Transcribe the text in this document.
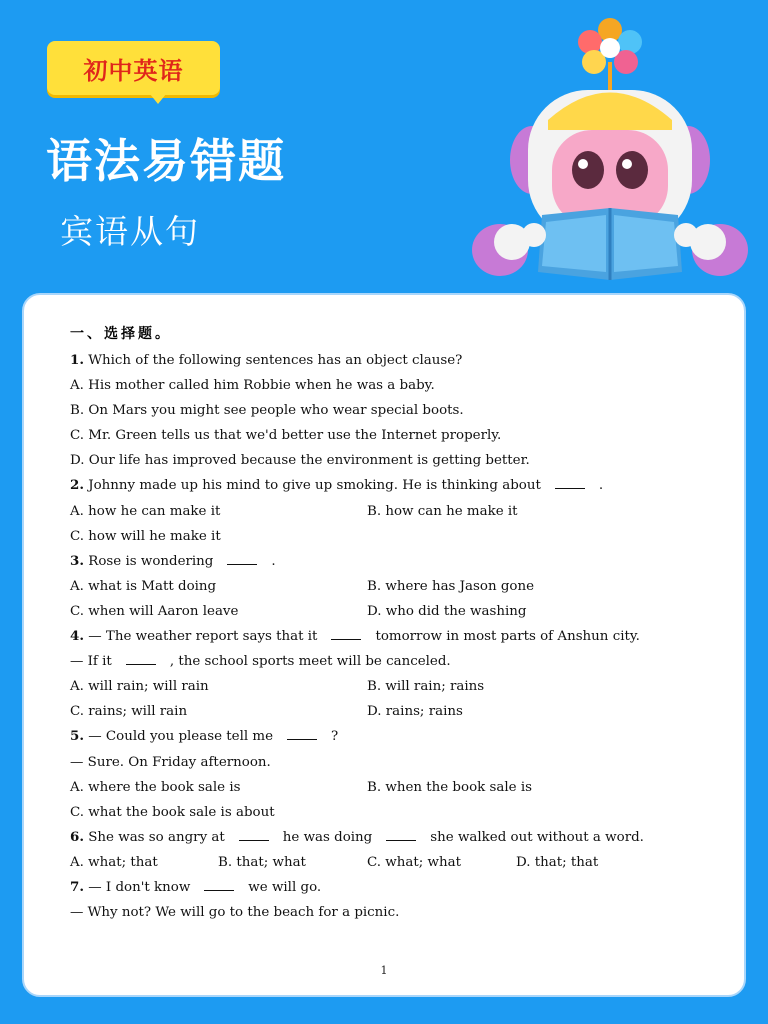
初中英语
语法易错题
宾语从句
一、选择题。
1. Which of the following sentences has an object clause?
A. His mother called him Robbie when he was a baby.
B. On Mars you might see people who wear special boots.
C. Mr. Green tells us that we'd better use the Internet properly.
D. Our life has improved because the environment is getting better.
2. Johnny made up his mind to give up smoking. He is thinking about	.
A. how he can make it	B. how can he make it
C. how will he make it
3. Rose is wondering	.
A. what is Matt doing	B. where has Jason gone
C. when will Aaron leave	D. who did the washing
4. — The weather report says that it	tomorrow in most parts of Anshun city.
— If it	, the school sports meet will be canceled.
A. will rain; will rain	B. will rain; rains
C. rains; will rain	D. rains; rains
5. — Could you please tell me	?
— Sure. On Friday afternoon.
A. where the book sale is	B. when the book sale is
C. what the book sale is about
6. She was so angry at	he was doing	she walked out without a word.
A. what; that	B. that; what	C. what; what	D. that; that
7. — I don't know	we will go.
— Why not? We will go to the beach for a picnic.
1
